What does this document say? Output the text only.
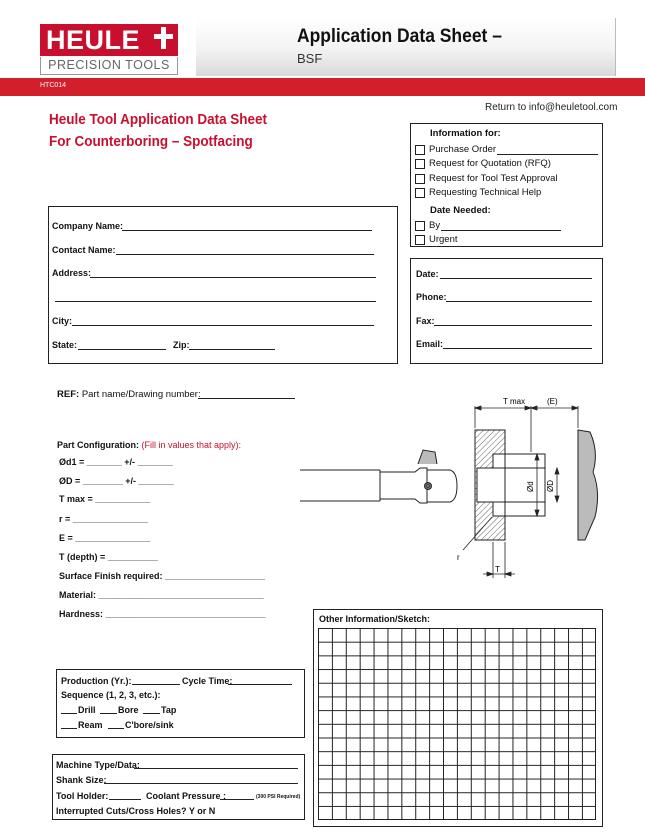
HEULE
PRECISION TOOLS
Application Data Sheet –
BSF
HTC014
Return to info@heuletool.com
Heule Tool Application Data Sheet
For Counterboring – Spotfacing
Information for:
Purchase Order
Request for Quotation (RFQ)
Request for Tool Test Approval
Requesting Technical Help
Date Needed:
By
Urgent
Company Name:
Contact Name:
Address:
City:
State:	Zip:
Date:
Phone:
Fax:
Email:
REF: Part name/Drawing number:
Part Configuration: (Fill in values that apply):
Ød1 = _______ +/- _______
ØD = ________ +/- _______
T max = ___________
r = _______________
E = _______________
T (depth) = __________
Surface Finish required: ____________________
Material: _________________________________
Hardness: ________________________________
T max	(E)
Ød ØD
r
T
Other Information/Sketch:
Production (Yr.):	Cycle Time:
Sequence (1, 2, 3, etc.):
Drill Bore Tap
Ream C'bore/sink
Machine Type/Data:
Shank Size:
Tool Holder:	Coolant Pressure :	(300 PSI Required)
Interrupted Cuts/Cross Holes? Y or N
